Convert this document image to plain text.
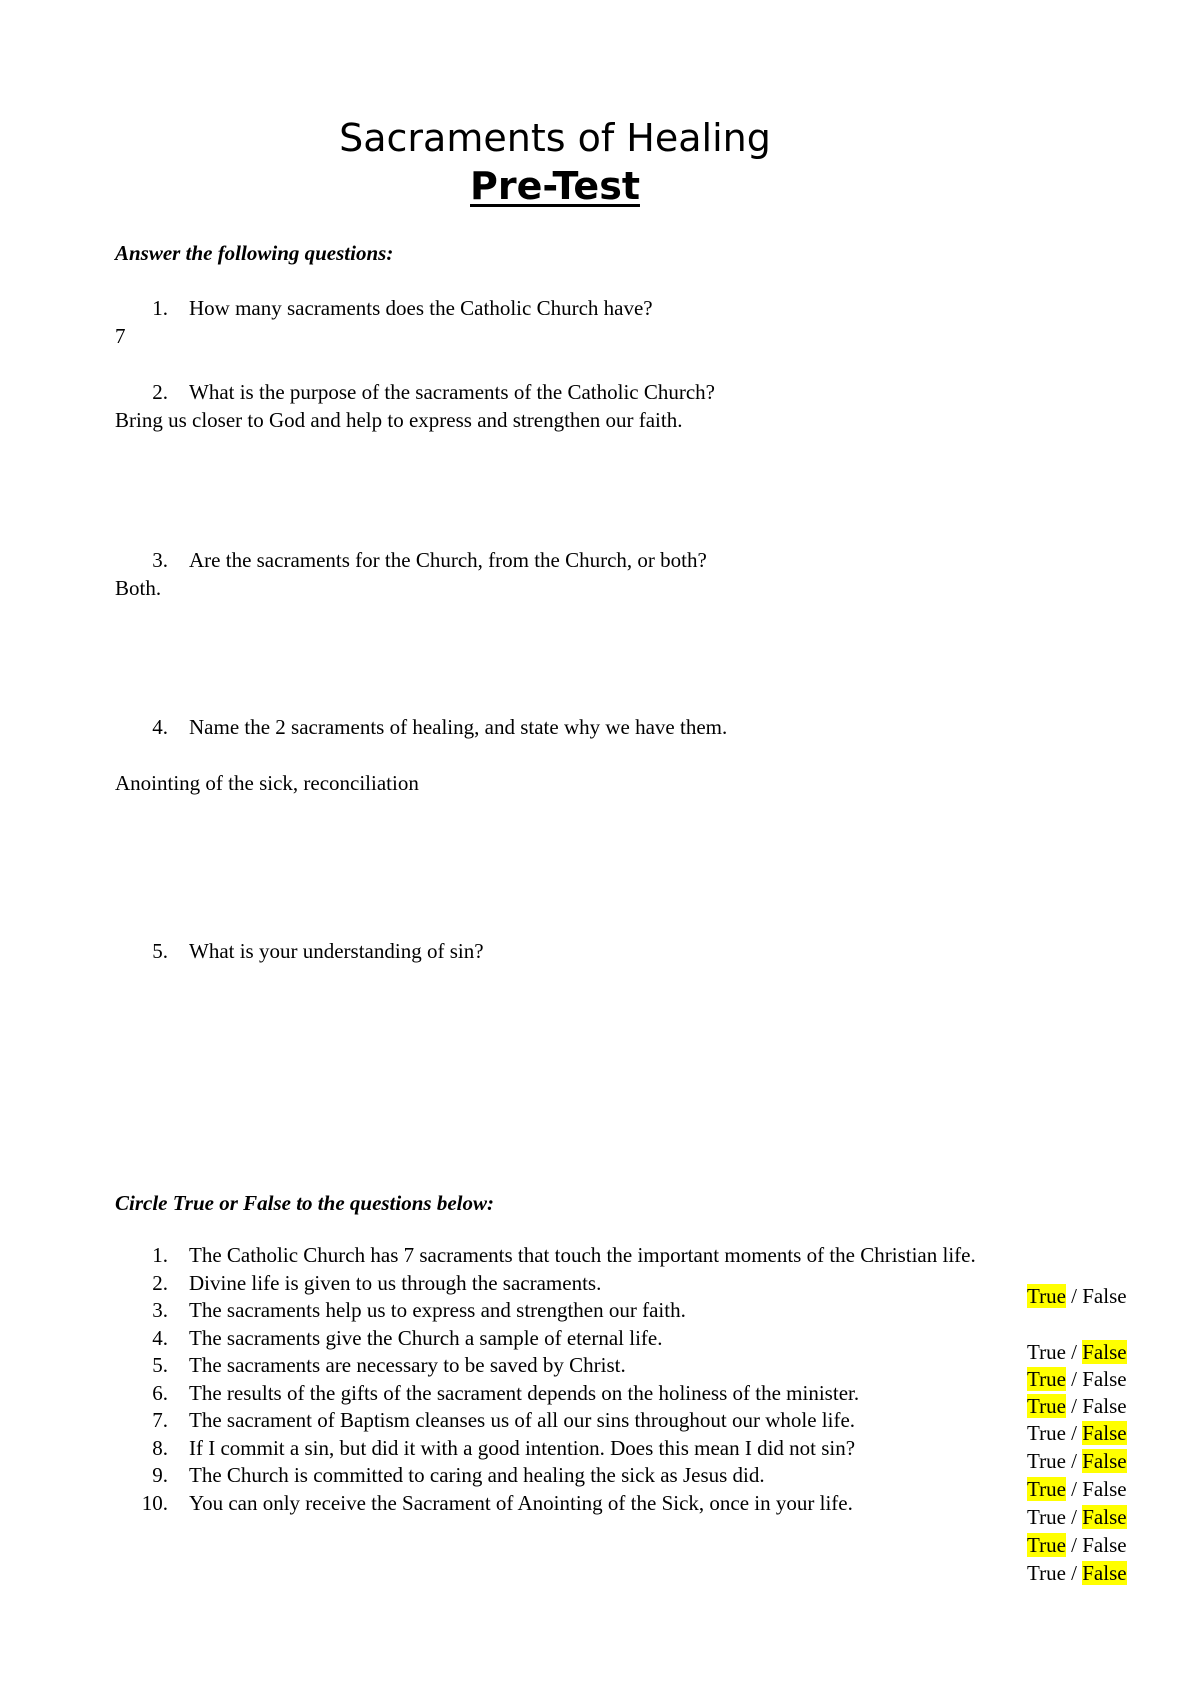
Sacraments of Healing
Pre-Test
Answer the following questions:
1. How many sacraments does the Catholic Church have?
7
2. What is the purpose of the sacraments of the Catholic Church?
Bring us closer to God and help to express and strengthen our faith.
3. Are the sacraments for the Church, from the Church, or both?
Both.
4. Name the 2 sacraments of healing, and state why we have them.
Anointing of the sick, reconciliation
5. What is your understanding of sin?
Circle True or False to the questions below:
1. The Catholic Church has 7 sacraments that touch the important moments of the Christian life.
2. Divine life is given to us through the sacraments.
3. The sacraments help us to express and strengthen our faith.
4. The sacraments give the Church a sample of eternal life.
5. The sacraments are necessary to be saved by Christ.
6. The results of the gifts of the sacrament depends on the holiness of the minister.
7. The sacrament of Baptism cleanses us of all our sins throughout our whole life.
8. If I commit a sin, but did it with a good intention. Does this mean I did not sin?
9. The Church is committed to caring and healing the sick as Jesus did.
10. You can only receive the Sacrament of Anointing of the Sick, once in your life.
True / False
True / False
True / False
True / False
True / False
True / False
True / False
True / False
True / False
True / False
